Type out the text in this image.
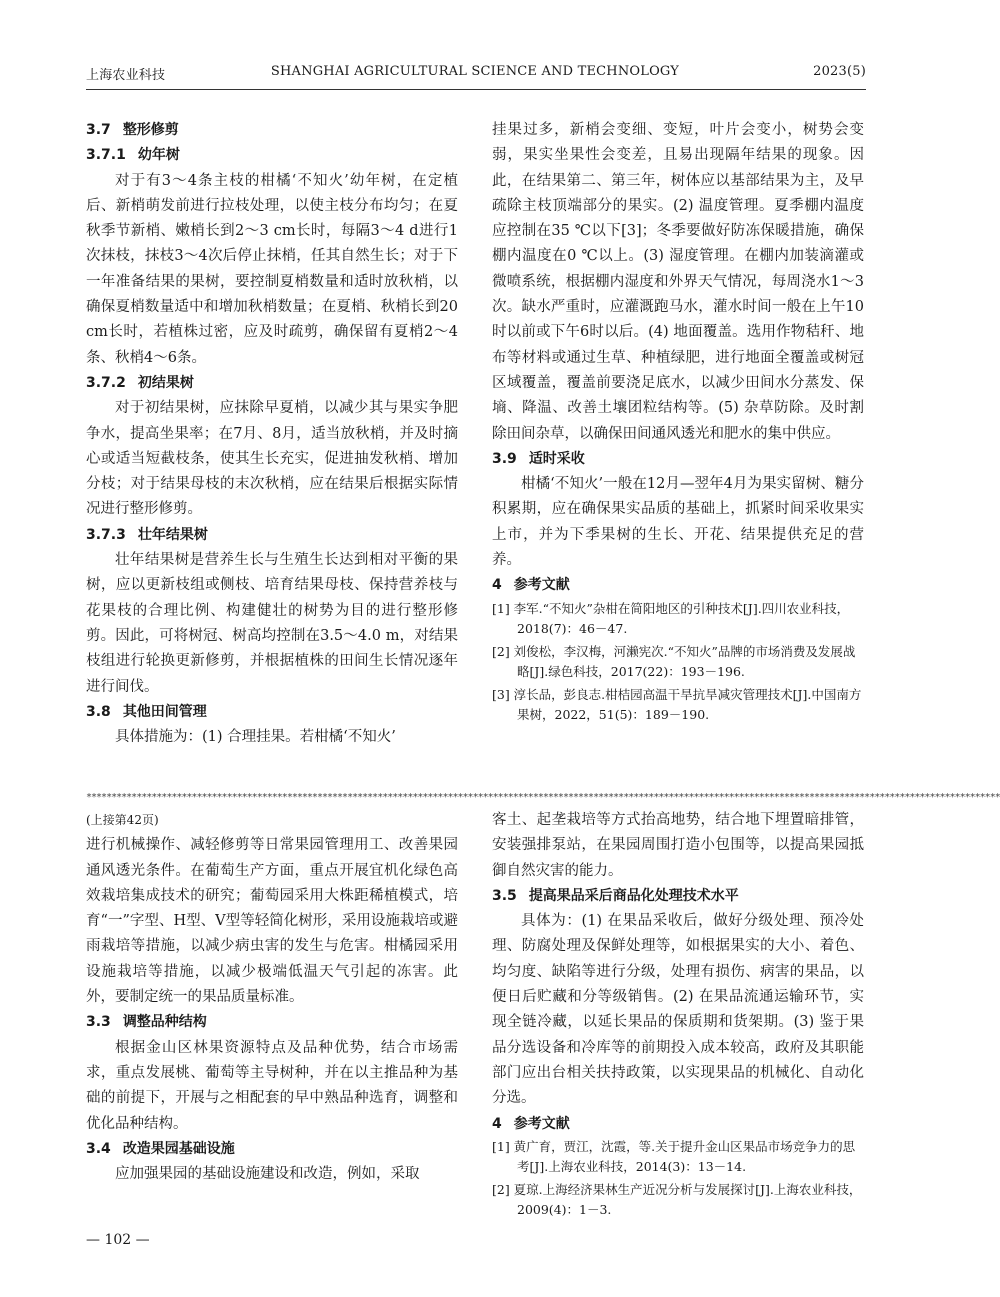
上海农业科技	SHANGHAI AGRICULTURAL SCIENCE AND TECHNOLOGY	2023(5)
3.7 整形修剪
3.7.1 幼年树

对于有3～4条主枝的柑橘‘不知火’幼年树，在定植后、新梢萌发前进行拉枝处理，以使主枝分布均匀；在夏秋季节新梢、嫩梢长到2～3 cm长时，每隔3～4 d进行1次抹枝，抹枝3～4次后停止抹梢，任其自然生长；对于下一年准备结果的果树，要控制夏梢数量和适时放秋梢，以确保夏梢数量适中和增加秋梢数量；在夏梢、秋梢长到20 cm长时，若植株过密，应及时疏剪，确保留有夏梢2～4条、秋梢4～6条。

3.7.2 初结果树

对于初结果树，应抹除早夏梢，以减少其与果实争肥争水，提高坐果率；在7月、8月，适当放秋梢，并及时摘心或适当短截枝条，使其生长充实，促进抽发秋梢、增加分枝；对于结果母枝的末次秋梢，应在结果后根据实际情况进行整形修剪。

3.7.3 壮年结果树

壮年结果树是营养生长与生殖生长达到相对平衡的果树，应以更新枝组或侧枝、培育结果母枝、保持营养枝与花果枝的合理比例、构建健壮的树势为目的进行整形修剪。因此，可将树冠、树高均控制在3.5～4.0 m，对结果枝组进行轮换更新修剪，并根据植株的田间生长情况逐年进行间伐。

3.8 其他田间管理

具体措施为：(1) 合理挂果。若柑橘‘不知火’

挂果过多，新梢会变细、变短，叶片会变小，树势会变弱，果实坐果性会变差，且易出现隔年结果的现象。因此，在结果第二、第三年，树体应以基部结果为主，及早疏除主枝顶端部分的果实。(2) 温度管理。夏季棚内温度应控制在35 ℃以下[3]；冬季要做好防冻保暖措施，确保棚内温度在0 ℃以上。(3) 湿度管理。在棚内加装滴灌或微喷系统，根据棚内湿度和外界天气情况，每周浇水1～3次。缺水严重时，应灌溉跑马水，灌水时间一般在上午10时以前或下午6时以后。(4) 地面覆盖。选用作物秸秆、地布等材料或通过生草、种植绿肥，进行地面全覆盖或树冠区域覆盖，覆盖前要浇足底水，以减少田间水分蒸发、保墒、降温、改善土壤团粒结构等。(5) 杂草防除。及时割除田间杂草，以确保田间通风透光和肥水的集中供应。

3.9 适时采收

柑橘‘不知火’一般在12月—翌年4月为果实留树、糖分积累期，应在确保果实品质的基础上，抓紧时间采收果实上市，并为下季果树的生长、开花、结果提供充足的营养。

4 参考文献
[1] 李军.“不知火”杂柑在简阳地区的引种技术[J].四川农业科技，2018(7)：46－47.
[2] 刘俊松，李汉梅，河濑宪次.“不知火”品牌的市场消费及发展战略[J].绿色科技，2017(22)：193－196.
[3] 淳长品，彭良志.柑桔园高温干旱抗旱减灾管理技术[J].中国南方果树，2022，51(5)：189－190.
**************************************************************************************************************************************************************************************
(上接第42页)

进行机械操作、减轻修剪等日常果园管理用工、改善果园通风透光条件。在葡萄生产方面，重点开展宜机化绿色高效栽培集成技术的研究；葡萄园采用大株距稀植模式，培育“一”字型、H型、V型等轻简化树形，采用设施栽培或避雨栽培等措施，以减少病虫害的发生与危害。柑橘园采用设施栽培等措施，以减少极端低温天气引起的冻害。此外，要制定统一的果品质量标准。

3.3 调整品种结构

根据金山区林果资源特点及品种优势，结合市场需求，重点发展桃、葡萄等主导树种，并在以主推品种为基础的前提下，开展与之相配套的早中熟品种选育，调整和优化品种结构。

3.4 改造果园基础设施

应加强果园的基础设施建设和改造，例如，采取

客土、起垄栽培等方式抬高地势，结合地下埋置暗排管，安装强排泵站，在果园周围打造小包围等，以提高果园抵御自然灾害的能力。

3.5 提高果品采后商品化处理技术水平

具体为：(1) 在果品采收后，做好分级处理、预冷处理、防腐处理及保鲜处理等，如根据果实的大小、着色、均匀度、缺陷等进行分级，处理有损伤、病害的果品，以便日后贮藏和分等级销售。(2) 在果品流通运输环节，实现全链冷藏，以延长果品的保质期和货架期。(3) 鉴于果品分选设备和冷库等的前期投入成本较高，政府及其职能部门应出台相关扶持政策，以实现果品的机械化、自动化分选。

4 参考文献
[1] 黄广育，贾江，沈霞，等.关于提升金山区果品市场竞争力的思考[J].上海农业科技，2014(3)：13－14.
[2] 夏琼.上海经济果林生产近况分析与发展探讨[J].上海农业科技，2009(4)：1－3.
— 102 —
